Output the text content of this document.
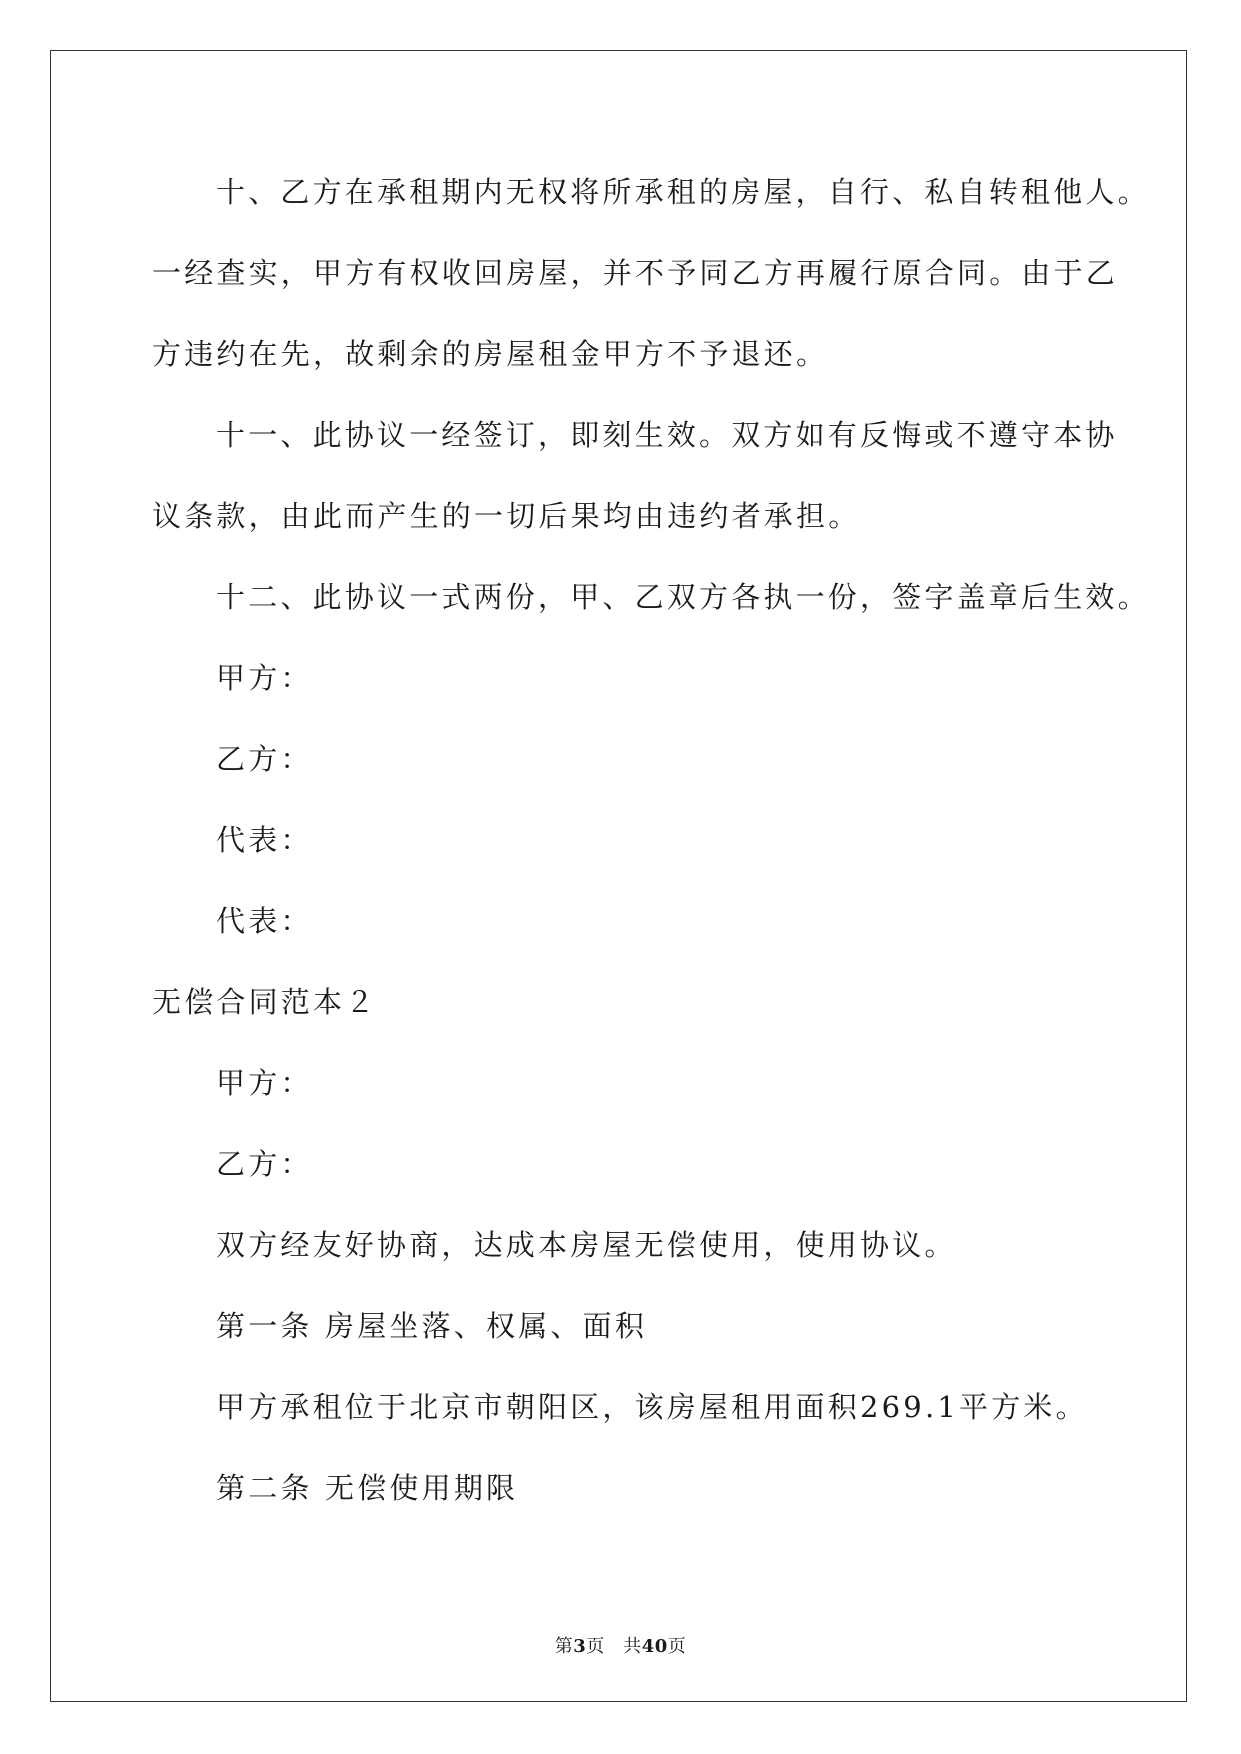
十、乙方在承租期内无权将所承租的房屋，自行、私自转租他人。
一经查实，甲方有权收回房屋，并不予同乙方再履行原合同。由于乙
方违约在先，故剩余的房屋租金甲方不予退还。
十一、此协议一经签订，即刻生效。双方如有反悔或不遵守本协
议条款，由此而产生的一切后果均由违约者承担。
十二、此协议一式两份，甲、乙双方各执一份，签字盖章后生效。
甲方：
乙方：
代表：
代表：
无偿合同范本２
甲方：
乙方：
双方经友好协商，达成本房屋无偿使用，使用协议。
第一条 房屋坐落、权属、面积
甲方承租位于北京市朝阳区，该房屋租用面积269.1平方米。
第二条 无偿使用期限
第3页　共40页
